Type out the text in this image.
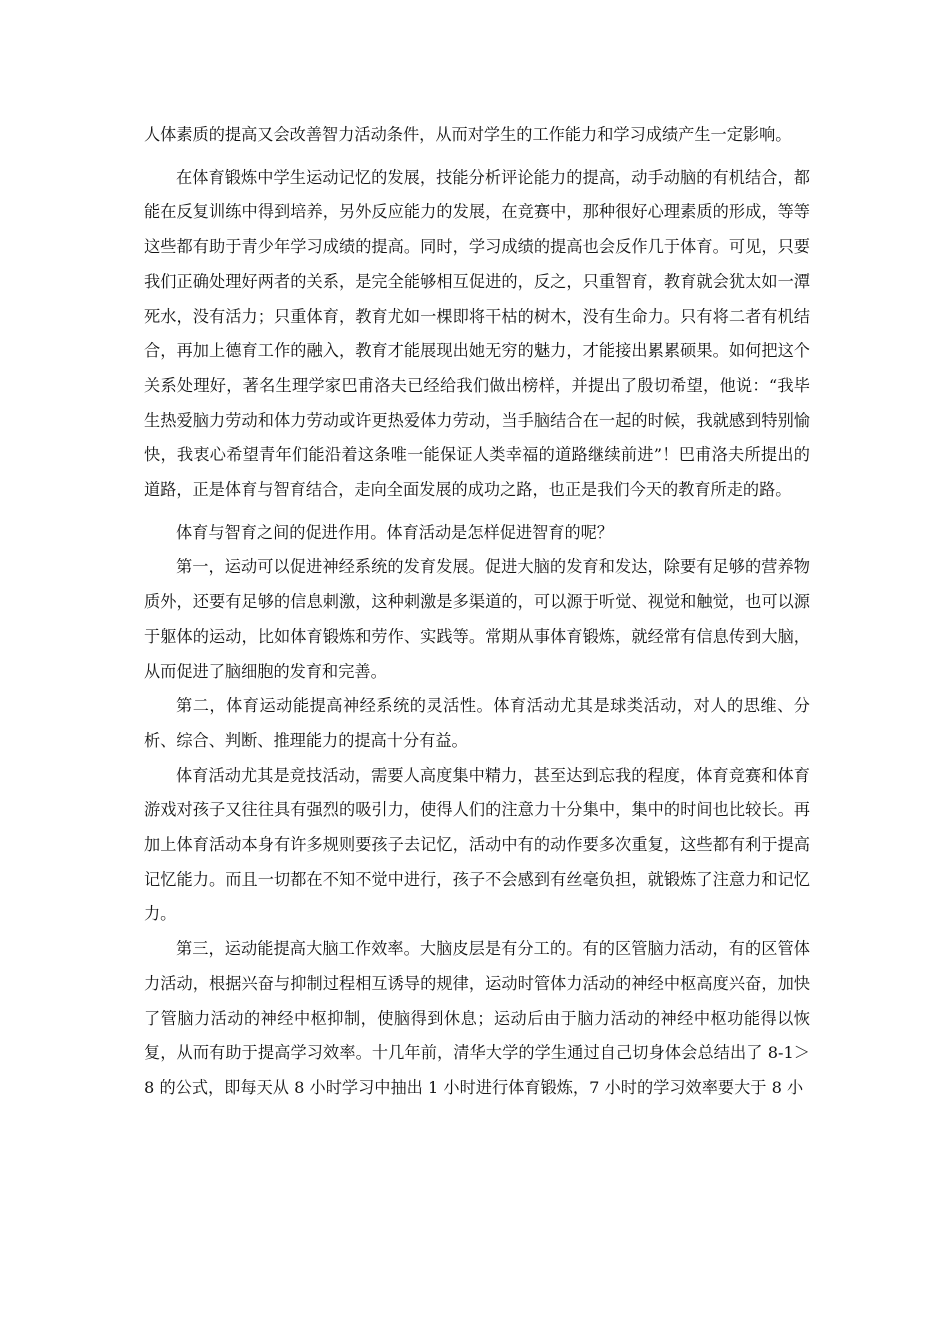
人体素质的提高又会改善智力活动条件，从而对学生的工作能力和学习成绩产生一定影响。

在体育锻炼中学生运动记忆的发展，技能分析评论能力的提高，动手动脑的有机结合，都能在反复训练中得到培养，另外反应能力的发展，在竞赛中，那种很好心理素质的形成，等等这些都有助于青少年学习成绩的提高。同时，学习成绩的提高也会反作几于体育。可见，只要我们正确处理好两者的关系，是完全能够相互促进的，反之，只重智育，教育就会犹太如一潭死水，没有活力；只重体育，教育尤如一棵即将干枯的树木，没有生命力。只有将二者有机结合，再加上德育工作的融入，教育才能展现出她无穷的魅力，才能接出累累硕果。如何把这个关系处理好，著名生理学家巴甫洛夫已经给我们做出榜样，并提出了殷切希望，他说：“我毕生热爱脑力劳动和体力劳动或许更热爱体力劳动，当手脑结合在一起的时候，我就感到特别愉快，我衷心希望青年们能沿着这条唯一能保证人类幸福的道路继续前进”！巴甫洛夫所提出的道路，正是体育与智育结合，走向全面发展的成功之路，也正是我们今天的教育所走的路。

体育与智育之间的促进作用。体育活动是怎样促进智育的呢？

第一，运动可以促进神经系统的发育发展。促进大脑的发育和发达，除要有足够的营养物质外，还要有足够的信息刺激，这种刺激是多渠道的，可以源于听觉、视觉和触觉，也可以源于躯体的运动，比如体育锻炼和劳作、实践等。常期从事体育锻炼，就经常有信息传到大脑，从而促进了脑细胞的发育和完善。

第二，体育运动能提高神经系统的灵活性。体育活动尤其是球类活动，对人的思维、分析、综合、判断、推理能力的提高十分有益。

体育活动尤其是竞技活动，需要人高度集中精力，甚至达到忘我的程度，体育竞赛和体育游戏对孩子又往往具有强烈的吸引力，使得人们的注意力十分集中，集中的时间也比较长。再加上体育活动本身有许多规则要孩子去记忆，活动中有的动作要多次重复，这些都有利于提高记忆能力。而且一切都在不知不觉中进行，孩子不会感到有丝毫负担，就锻炼了注意力和记忆力。

第三，运动能提高大脑工作效率。大脑皮层是有分工的。有的区管脑力活动，有的区管体力活动，根据兴奋与抑制过程相互诱导的规律，运动时管体力活动的神经中枢高度兴奋，加快了管脑力活动的神经中枢抑制，使脑得到休息；运动后由于脑力活动的神经中枢功能得以恢复，从而有助于提高学习效率。十几年前，清华大学的学生通过自己切身体会总结出了 8-1＞8 的公式，即每天从 8 小时学习中抽出 1 小时进行体育锻炼，7 小时的学习效率要大于 8 小
